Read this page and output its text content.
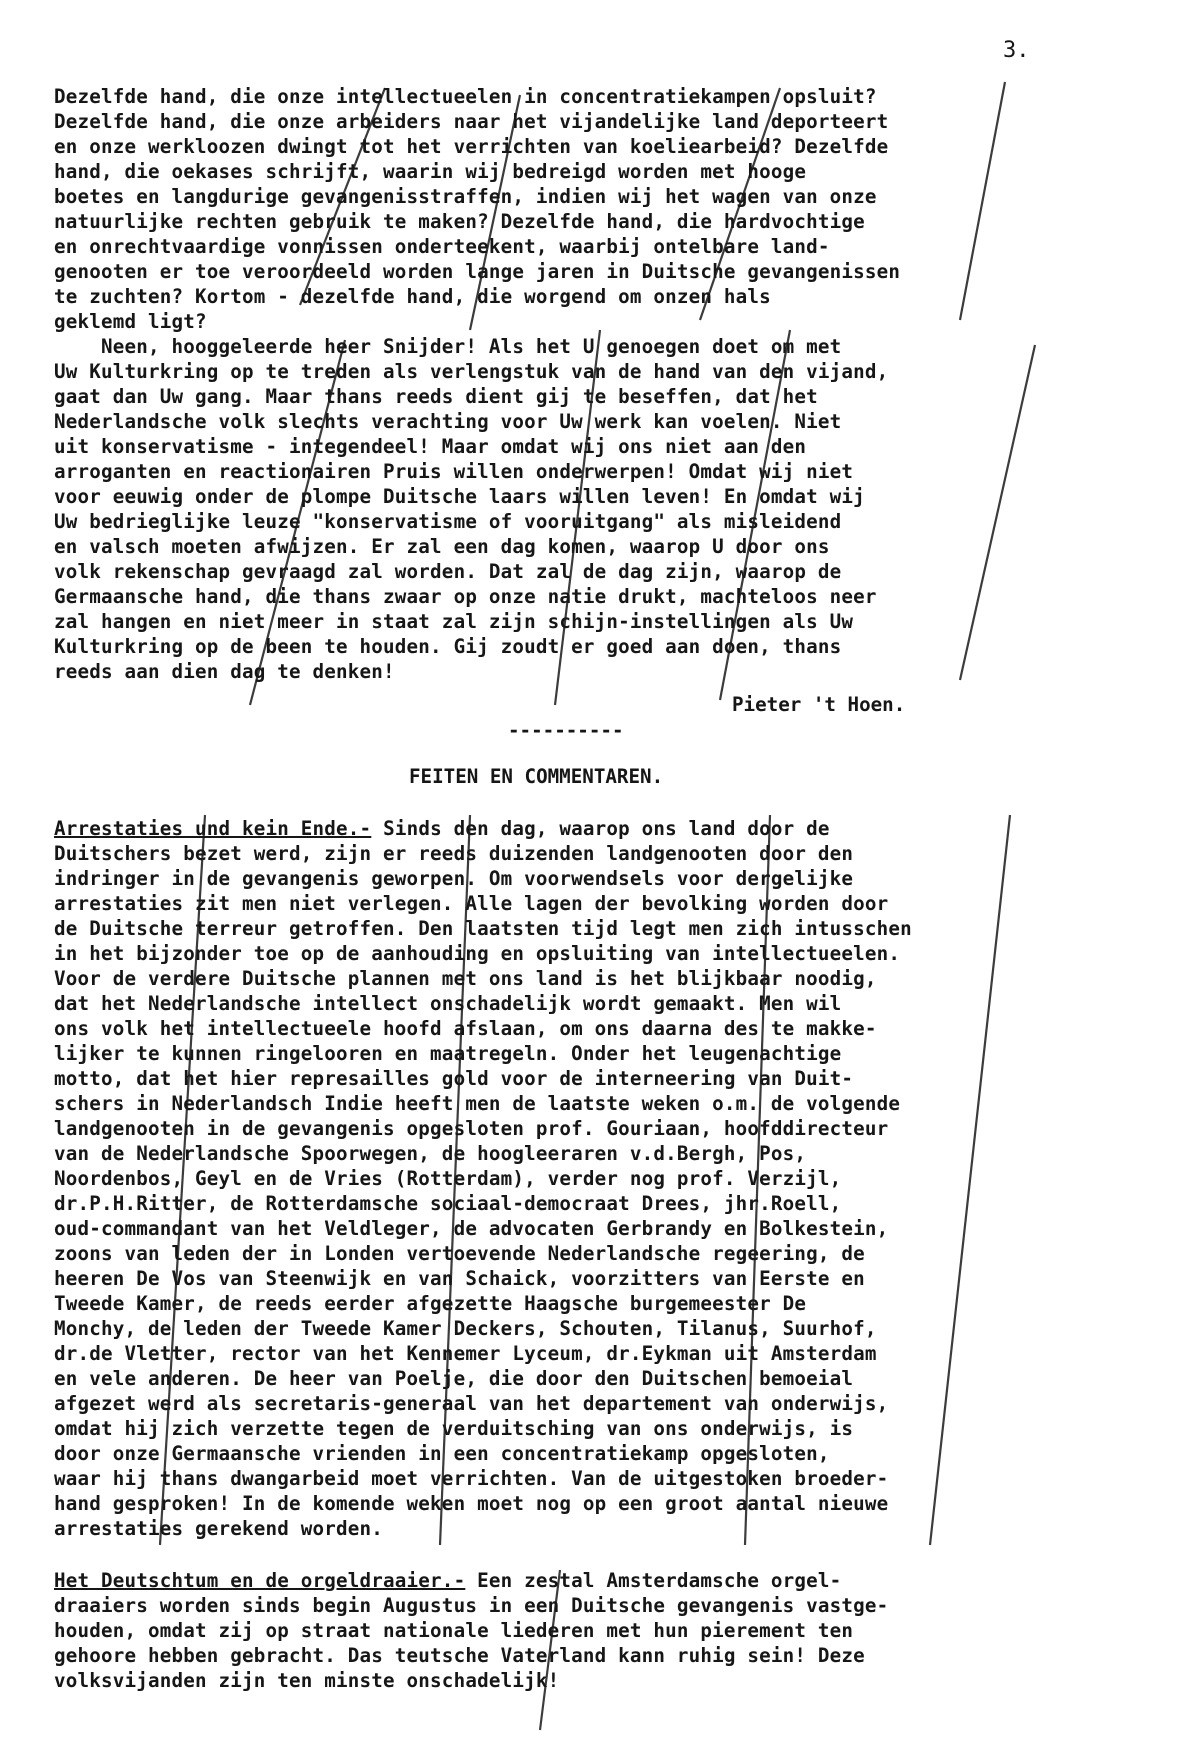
3.
Dezelfde hand, die onze intellectueelen in concentratiekampen opsluit?
Dezelfde hand, die onze arbeiders naar het vijandelijke land deporteert
en onze werkloozen dwingt tot het verrichten van koeliearbeid? Dezelfde
hand, die oekases schrijft, waarin wij bedreigd worden met hooge
boetes en langdurige gevangenisstraffen, indien wij het wagen van onze
natuurlijke rechten gebruik te maken? Dezelfde hand, die hardvochtige
en onrechtvaardige vonnissen onderteekent, waarbij ontelbare land-
genooten er toe veroordeeld worden lange jaren in Duitsche gevangenissen
te zuchten? Kortom - dezelfde hand, die worgend om onzen hals
geklemd ligt?
Neen, hooggeleerde heer Snijder! Als het U genoegen doet om met
Uw Kulturkring op te treden als verlengstuk van de hand van den vijand,
gaat dan Uw gang. Maar thans reeds dient gij te beseffen, dat het
Nederlandsche volk slechts verachting voor Uw werk kan voelen. Niet
uit konservatisme - integendeel! Maar omdat wij ons niet aan den
arroganten en reactionairen Pruis willen onderwerpen! Omdat wij niet
voor eeuwig onder de plompe Duitsche laars willen leven! En omdat wij
Uw bedrieglijke leuze "konservatisme of vooruitgang" als misleidend
en valsch moeten afwijzen. Er zal een dag komen, waarop U door ons
volk rekenschap gevraagd zal worden. Dat zal de dag zijn, waarop de
Germaansche hand, die thans zwaar op onze natie drukt, machteloos neer
zal hangen en niet meer in staat zal zijn schijn-instellingen als Uw
Kulturkring op de been te houden. Gij zoudt er goed aan doen, thans
reeds aan dien dag te denken!
Pieter 't Hoen.
----------
FEITEN EN COMMENTAREN.
Arrestaties und kein Ende.- Sinds den dag, waarop ons land door de
Duitschers bezet werd, zijn er reeds duizenden landgenooten door den
indringer in de gevangenis geworpen. Om voorwendsels voor dergelijke
arrestaties zit men niet verlegen. Alle lagen der bevolking worden door
de Duitsche terreur getroffen. Den laatsten tijd legt men zich intusschen
in het bijzonder toe op de aanhouding en opsluiting van intellectueelen.
Voor de verdere Duitsche plannen met ons land is het blijkbaar noodig,
dat het Nederlandsche intellect onschadelijk wordt gemaakt. Men wil
ons volk het intellectueele hoofd afslaan, om ons daarna des te makke-
lijker te kunnen ringelooren en maatregeln. Onder het leugenachtige
motto, dat het hier represailles gold voor de interneering van Duit-
schers in Nederlandsch Indie heeft men de laatste weken o.m. de volgende
landgenooten in de gevangenis opgesloten prof. Gouriaan, hoofddirecteur
van de Nederlandsche Spoorwegen, de hoogleeraren v.d.Bergh, Pos,
Noordenbos, Geyl en de Vries (Rotterdam), verder nog prof. Verzijl,
dr.P.H.Ritter, de Rotterdamsche sociaal-democraat Drees, jhr.Roell,
oud-commandant van het Veldleger, de advocaten Gerbrandy en Bolkestein,
zoons van leden der in Londen vertoevende Nederlandsche regeering, de
heeren De Vos van Steenwijk en van Schaick, voorzitters van Eerste en
Tweede Kamer, de reeds eerder afgezette Haagsche burgemeester De
Monchy, de leden der Tweede Kamer Deckers, Schouten, Tilanus, Suurhof,
dr.de Vletter, rector van het Kennemer Lyceum, dr.Eykman uit Amsterdam
en vele anderen. De heer van Poelje, die door den Duitschen bemoeial
afgezet werd als secretaris-generaal van het departement van onderwijs,
omdat hij zich verzette tegen de verduitsching van ons onderwijs, is
door onze Germaansche vrienden in een concentratiekamp opgesloten,
waar hij thans dwangarbeid moet verrichten. Van de uitgestoken broeder-
hand gesproken! In de komende weken moet nog op een groot aantal nieuwe
arrestaties gerekend worden.
Het Deutschtum en de orgeldraaier.- Een zestal Amsterdamsche orgel-
draaiers worden sinds begin Augustus in een Duitsche gevangenis vastge-
houden, omdat zij op straat nationale liederen met hun pierement ten
gehoore hebben gebracht. Das teutsche Vaterland kann ruhig sein! Deze
volksvijanden zijn ten minste onschadelijk!
